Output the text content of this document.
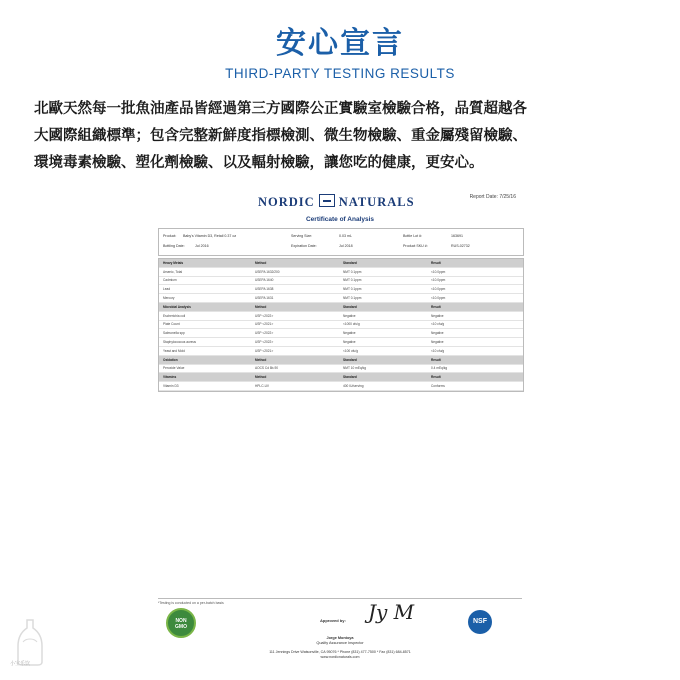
安心宣言
THIRD-PARTY TESTING RESULTS
北歐天然每一批魚油產品皆經過第三方國際公正實驗室檢驗合格，品質超越各
大國際組織標準；包含完整新鮮度指標檢測、微生物檢驗、重金屬殘留檢驗、
環境毒素檢驗、塑化劑檢驗、以及輻射檢驗，讓您吃的健康，更安心。
NORDIC NATURALS	Report Date: 7/25/16
Certificate of Analysis
Product: Baby's Vitamin D3, Retail 0.37 oz	Serving Size:	0.03 mL	Bottle Lot #:	163691
Bottling Date:	Jul 2016	Expiration Date:	Jul 2018	Product SKU #:	RUS-02732
Heavy Metals	Method	Standard	Result
Arsenic, Total	USEPA 1632/200	NMT 0.1ppm	<10.0ppm
Cadmium	USEPA 1640	NMT 0.1ppm	<10.0ppm
Lead	USEPA 1638	NMT 0.1ppm	<10.0ppm
Mercury	USEPA 1631	NMT 0.1ppm	<10.0ppm
Microbial Analysis	Method	Standard	Result
Escherichia coli	USP <2022>	Negative	Negative
Plate Count	USP <2021>	<1000 cfu/g	<10 cfu/g
Salmonella spp	USP <2022>	Negative	Negative
Staphylococcus aureus	USP <2022>	Negative	Negative
Yeast and Mold	USP <2021>	<100 cfu/g	<10 cfu/g
Oxidation	Method	Standard	Result
Peroxide Value	AOCS Cd 8b-90	NMT 10 mEq/kg	0.4 mEq/kg
Vitamins	Method	Standard	Result
Vitamin D3	HPLC-UV	400 IU/serving	Conforms
*Testing is conducted on a per-batch basis
NON
GMO
Approved by: Jy M	NSF
Jorge Montoya
Quality Assurance Inspector
111 Jennings Drive Watsonville, CA 95076 * Phone (831) 477-7500 * Fax (831) 684-8571
www.nordicnaturals.com
小宝乐饮
